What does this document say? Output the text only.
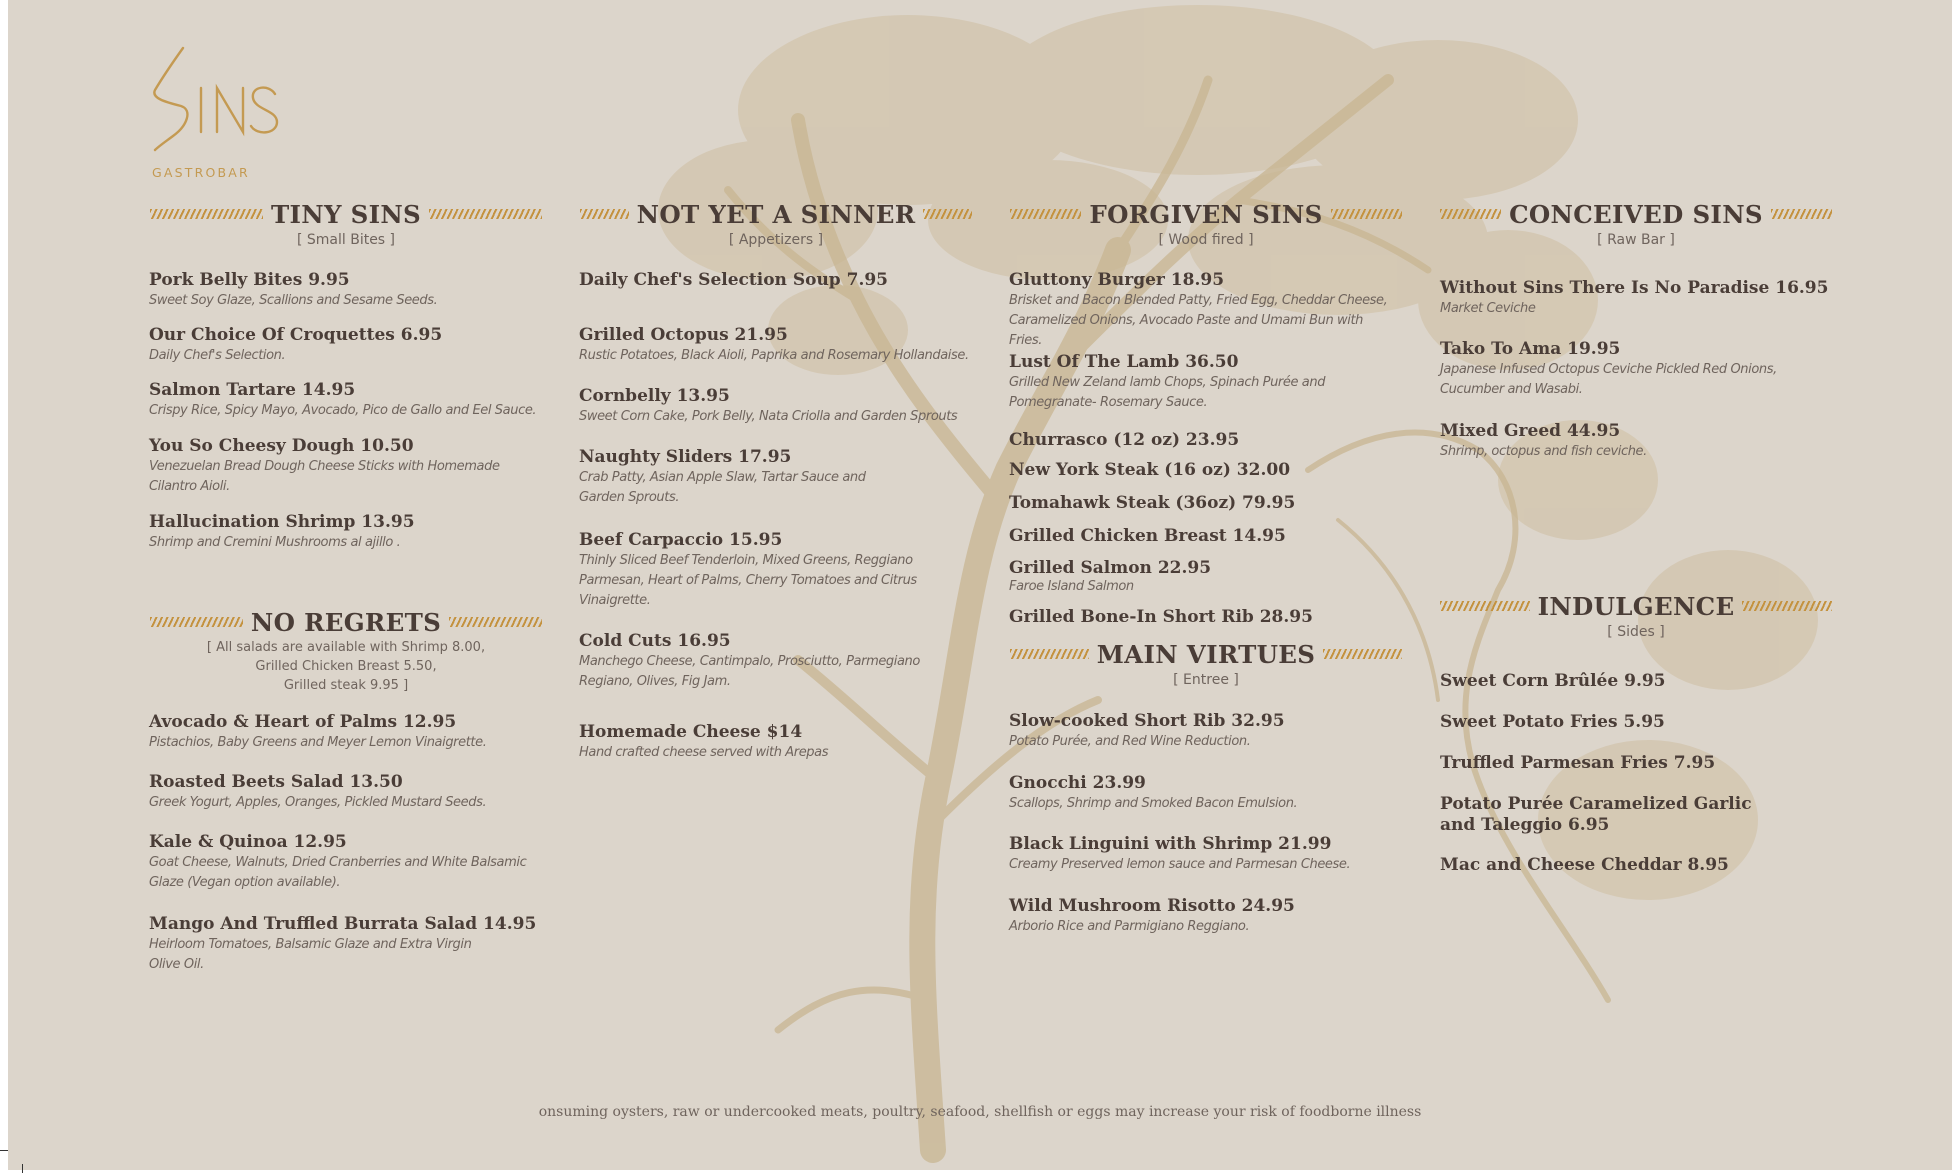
GASTROBAR
TINY SINS
[ Small Bites ]
Pork Belly Bites 9.95
Sweet Soy Glaze, Scallions and Sesame Seeds.
Our Choice Of Croquettes 6.95
Daily Chef's Selection.
Salmon Tartare 14.95
Crispy Rice, Spicy Mayo, Avocado, Pico de Gallo and Eel Sauce.
You So Cheesy Dough 10.50
Venezuelan Bread Dough Cheese Sticks with Homemade Cilantro Aioli.
Hallucination Shrimp 13.95
Shrimp and Cremini Mushrooms al ajillo .
NO REGRETS
[ All salads are available with Shrimp 8.00,
Grilled Chicken Breast 5.50,
Grilled steak 9.95 ]
Avocado & Heart of Palms 12.95
Pistachios, Baby Greens and Meyer Lemon Vinaigrette.
Roasted Beets Salad 13.50
Greek Yogurt, Apples, Oranges, Pickled Mustard Seeds.
Kale & Quinoa 12.95
Goat Cheese, Walnuts, Dried Cranberries and White Balsamic Glaze (Vegan option available).
Mango And Truffled Burrata Salad 14.95
Heirloom Tomatoes, Balsamic Glaze and Extra Virgin Olive Oil.
NOT YET A SINNER
[ Appetizers ]
Daily Chef's Selection Soup 7.95
Grilled Octopus 21.95
Rustic Potatoes, Black Aioli, Paprika and Rosemary Hollandaise.
Cornbelly 13.95
Sweet Corn Cake, Pork Belly, Nata Criolla and Garden Sprouts
Naughty Sliders 17.95
Crab Patty, Asian Apple Slaw, Tartar Sauce and Garden Sprouts.
Beef Carpaccio 15.95
Thinly Sliced Beef Tenderloin, Mixed Greens, Reggiano Parmesan, Heart of Palms, Cherry Tomatoes and Citrus Vinaigrette.
Cold Cuts 16.95
Manchego Cheese, Cantimpalo, Prosciutto, Parmegiano Regiano, Olives, Fig Jam.
Homemade Cheese $14
Hand crafted cheese served with Arepas
FORGIVEN SINS
[ Wood fired ]
Gluttony Burger 18.95
Brisket and Bacon Blended Patty, Fried Egg, Cheddar Cheese, Caramelized Onions, Avocado Paste and Umami Bun with Fries.
Lust Of The Lamb 36.50
Grilled New Zeland lamb Chops, Spinach Purée and Pomegranate- Rosemary Sauce.
Churrasco (12 oz) 23.95
New York Steak (16 oz) 32.00
Tomahawk Steak (36oz) 79.95
Grilled Chicken Breast 14.95
Grilled Salmon 22.95
Faroe Island Salmon
Grilled Bone-In Short Rib 28.95
MAIN VIRTUES
[ Entree ]
Slow-cooked Short Rib 32.95
Potato Purée, and Red Wine Reduction.
Gnocchi 23.99
Scallops, Shrimp and Smoked Bacon Emulsion.
Black Linguini with Shrimp 21.99
Creamy Preserved lemon sauce and Parmesan Cheese.
Wild Mushroom Risotto 24.95
Arborio Rice and Parmigiano Reggiano.
CONCEIVED SINS
[ Raw Bar ]
Without Sins There Is No Paradise 16.95
Market Ceviche
Tako To Ama 19.95
Japanese Infused Octopus Ceviche Pickled Red Onions, Cucumber and Wasabi.
Mixed Greed 44.95
Shrimp, octopus and fish ceviche.
INDULGENCE
[ Sides ]
Sweet Corn Brûlée 9.95
Sweet Potato Fries 5.95
Truffled Parmesan Fries 7.95
Potato Purée Caramelized Garlic and Taleggio 6.95
Mac and Cheese Cheddar 8.95
onsuming oysters, raw or undercooked meats, poultry, seafood, shellfish or eggs may increase your risk of foodborne illness
